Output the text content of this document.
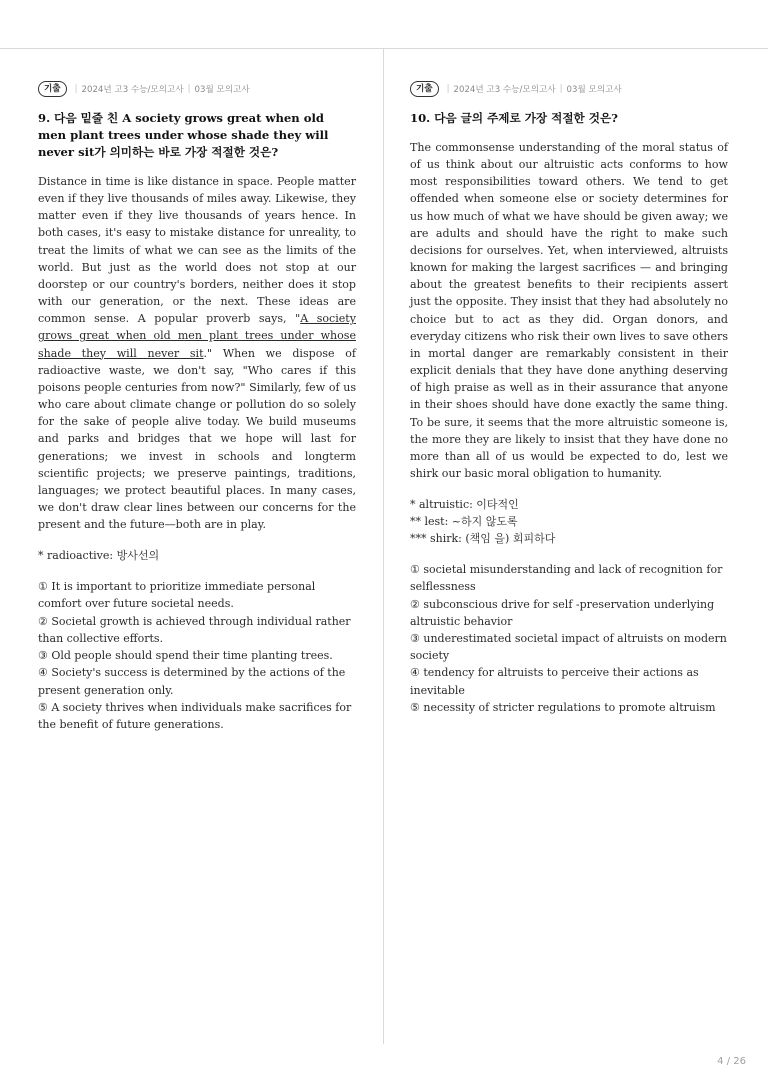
기출	| 2024년 고3 수능/모의고사 | 03월 모의고사
9. 다음 밑줄 친 A society grows great when old men plant trees under whose shade they will never sit가 의미하는 바로 가장 적절한 것은?
Distance in time is like distance in space. People matter even if they live thousands of miles away. Likewise, they matter even if they live thousands of years hence. In both cases, it's easy to mistake distance for unreality, to treat the limits of what we can see as the limits of the world. But just as the world does not stop at our doorstep or our country's borders, neither does it stop with our generation, or the next. These ideas are common sense. A popular proverb says, "A society grows great when old men plant trees under whose shade they will never sit." When we dispose of radioactive waste, we don't say, "Who cares if this poisons people centuries from now?" Similarly, few of us who care about climate change or pollution do so solely for the sake of people alive today. We build museums and parks and bridges that we hope will last for generations; we invest in schools and longterm scientific projects; we preserve paintings, traditions, languages; we protect beautiful places. In many cases, we don't draw clear lines between our concerns for the present and the future—both are in play.
* radioactive: 방사선의
① It is important to prioritize immediate personal comfort over future societal needs.
② Societal growth is achieved through individual rather than collective efforts.
③ Old people should spend their time planting trees.
④ Society's success is determined by the actions of the present generation only.
⑤ A society thrives when individuals make sacrifices for the benefit of future generations.
기출	| 2024년 고3 수능/모의고사 | 03월 모의고사
10. 다음 글의 주제로 가장 적절한 것은?
The commonsense understanding of the moral status of of us think about our altruistic acts conforms to how most responsibilities toward others. We tend to get offended when someone else or society determines for us how much of what we have should be given away; we are adults and should have the right to make such decisions for ourselves. Yet, when interviewed, altruists known for making the largest sacrifices — and bringing about the greatest benefits to their recipients assert just the opposite. They insist that they had absolutely no choice but to act as they did. Organ donors, and everyday citizens who risk their own lives to save others in mortal danger are remarkably consistent in their explicit denials that they have done anything deserving of high praise as well as in their assurance that anyone in their shoes should have done exactly the same thing. To be sure, it seems that the more altruistic someone is, the more they are likely to insist that they have done no more than all of us would be expected to do, lest we shirk our basic moral obligation to humanity.
* altruistic: 이타적인
** lest: ~하지 않도록
*** shirk: (책임 을) 회피하다
① societal misunderstanding and lack of recognition for selflessness
② subconscious drive for self -preservation underlying altruistic behavior
③ underestimated societal impact of altruists on modern society
④ tendency for altruists to perceive their actions as inevitable
⑤ necessity of stricter regulations to promote altruism
4 / 26
